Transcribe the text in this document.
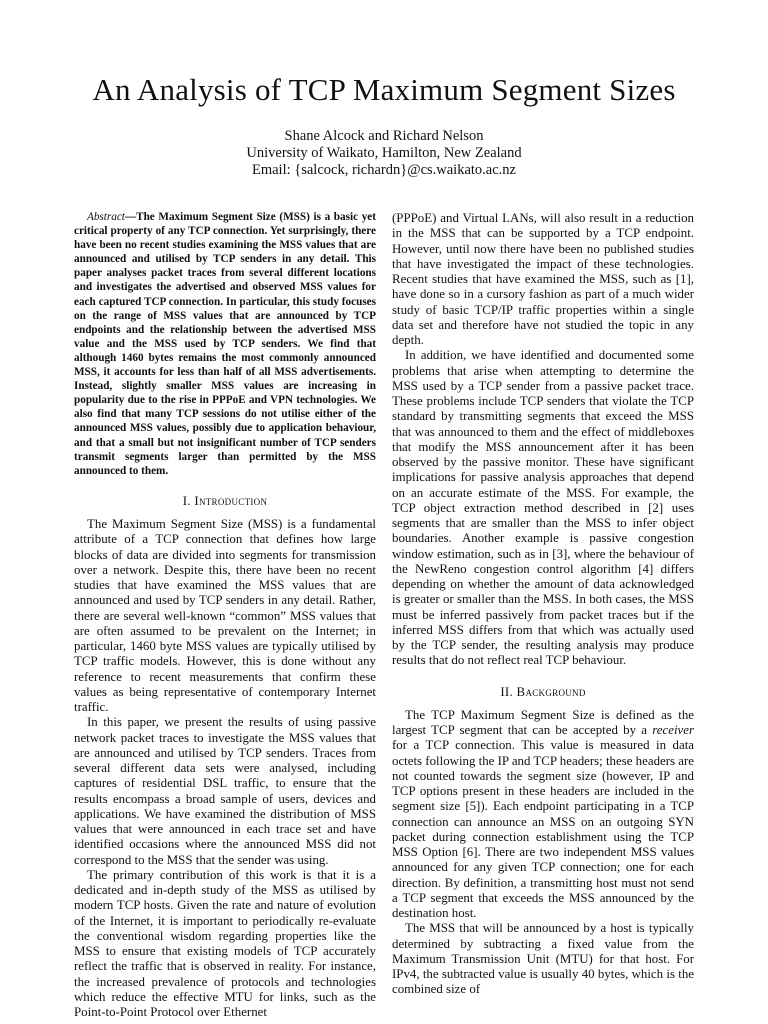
An Analysis of TCP Maximum Segment Sizes
Shane Alcock and Richard Nelson
University of Waikato, Hamilton, New Zealand
Email: {salcock, richardn}@cs.waikato.ac.nz

Abstract—The Maximum Segment Size (MSS) is a basic yet critical property of any TCP connection. Yet surprisingly, there have been no recent studies examining the MSS values that are announced and utilised by TCP senders in any detail. This paper analyses packet traces from several different locations and investigates the advertised and observed MSS values for each captured TCP connection. In particular, this study focuses on the range of MSS values that are announced by TCP endpoints and the relationship between the advertised MSS value and the MSS used by TCP senders. We find that although 1460 bytes remains the most commonly announced MSS, it accounts for less than half of all MSS advertisements. Instead, slightly smaller MSS values are increasing in popularity due to the rise in PPPoE and VPN technologies. We also find that many TCP sessions do not utilise either of the announced MSS values, possibly due to application behaviour, and that a small but not insignificant number of TCP senders transmit segments larger than permitted by the MSS announced to them.

I. Introduction

The Maximum Segment Size (MSS) is a fundamental attribute of a TCP connection that defines how large blocks of data are divided into segments for transmission over a network. Despite this, there have been no recent studies that have examined the MSS values that are announced and used by TCP senders in any detail. Rather, there are several well-known “common” MSS values that are often assumed to be prevalent on the Internet; in particular, 1460 byte MSS values are typically utilised by TCP traffic models. However, this is done without any reference to recent measurements that confirm these values as being representative of contemporary Internet traffic.

In this paper, we present the results of using passive network packet traces to investigate the MSS values that are announced and utilised by TCP senders. Traces from several different data sets were analysed, including captures of residential DSL traffic, to ensure that the results encompass a broad sample of users, devices and applications. We have examined the distribution of MSS values that were announced in each trace set and have identified occasions where the announced MSS did not correspond to the MSS that the sender was using.

The primary contribution of this work is that it is a dedicated and in-depth study of the MSS as utilised by modern TCP hosts. Given the rate and nature of evolution of the Internet, it is important to periodically re-evaluate the conventional wisdom regarding properties like the MSS to ensure that existing models of TCP accurately reflect the traffic that is observed in reality. For instance, the increased prevalence of protocols and technologies which reduce the effective MTU for links, such as the Point-to-Point Protocol over Ethernet

(PPPoE) and Virtual LANs, will also result in a reduction in the MSS that can be supported by a TCP endpoint. However, until now there have been no published studies that have investigated the impact of these technologies. Recent studies that have examined the MSS, such as [1], have done so in a cursory fashion as part of a much wider study of basic TCP/IP traffic properties within a single data set and therefore have not studied the topic in any depth.

In addition, we have identified and documented some problems that arise when attempting to determine the MSS used by a TCP sender from a passive packet trace. These problems include TCP senders that violate the TCP standard by transmitting segments that exceed the MSS that was announced to them and the effect of middleboxes that modify the MSS announcement after it has been observed by the passive monitor. These have significant implications for passive analysis approaches that depend on an accurate estimate of the MSS. For example, the TCP object extraction method described in [2] uses segments that are smaller than the MSS to infer object boundaries. Another example is passive congestion window estimation, such as in [3], where the behaviour of the NewReno congestion control algorithm [4] differs depending on whether the amount of data acknowledged is greater or smaller than the MSS. In both cases, the MSS must be inferred passively from packet traces but if the inferred MSS differs from that which was actually used by the TCP sender, the resulting analysis may produce results that do not reflect real TCP behaviour.

II. Background

The TCP Maximum Segment Size is defined as the largest TCP segment that can be accepted by a receiver for a TCP connection. This value is measured in data octets following the IP and TCP headers; these headers are not counted towards the segment size (however, IP and TCP options present in these headers are included in the segment size [5]). Each endpoint participating in a TCP connection can announce an MSS on an outgoing SYN packet during connection establishment using the TCP MSS Option [6]. There are two independent MSS values announced for any given TCP connection; one for each direction. By definition, a transmitting host must not send a TCP segment that exceeds the MSS announced by the destination host.

The MSS that will be announced by a host is typically determined by subtracting a fixed value from the Maximum Transmission Unit (MTU) for that host. For IPv4, the subtracted value is usually 40 bytes, which is the combined size of
